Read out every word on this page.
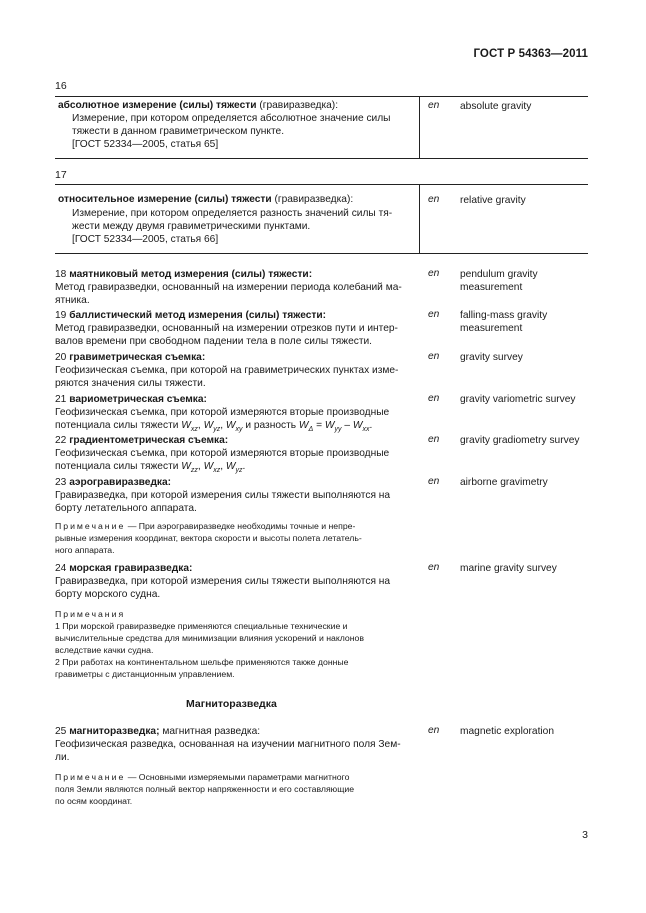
ГОСТ Р 54363—2011
16
абсолютное измерение (силы) тяжести (гравиразведка):
Измерение, при котором определяется абсолютное значение силы
тяжести в данном гравиметрическом пункте.
[ГОСТ 52334—2005, статья 65]
en absolute gravity
17
относительное измерение (силы) тяжести (гравиразведка):
Измерение, при котором определяется разность значений силы тя-
жести между двумя гравиметрическими пунктами.
[ГОСТ 52334—2005, статья 66]
en relative gravity
18 маятниковый метод измерения (силы) тяжести:
Метод гравиразведки, основанный на измерении периода колебаний ма-
ятника.
en pendulum gravity
measurement
19 баллистический метод измерения (силы) тяжести:
Метод гравиразведки, основанный на измерении отрезков пути и интер-
валов времени при свободном падении тела в поле силы тяжести.
en falling-mass gravity
measurement
20 гравиметрическая съемка:
Геофизическая съемка, при которой на гравиметрических пунктах изме-
ряются значения силы тяжести.
en gravity survey
21 вариометрическая съемка:
Геофизическая съемка, при которой измеряются вторые производные
потенциала силы тяжести $W_{xz}$, $W_{yz}$, $W_{xy}$ и разность $W_\Delta = W_{yy} - W_{xx}$.
en gravity variometric survey
22 градиентометрическая съемка:
Геофизическая съемка, при которой измеряются вторые производные
потенциала силы тяжести $W_{zz}$, $W_{xz}$, $W_{yz}$.
en gravity gradiometry survey
23 аэрогравиразведка:
Гравиразведка, при которой измерения силы тяжести выполняются на
борту летательного аппарата.
en airborne gravimetry
Примечание — При аэрогравиразведке необходимы точные и непре-
рывные измерения координат, вектора скорости и высоты полета летатель-
ного аппарата.
24 морская гравиразведка:
Гравиразведка, при которой измерения силы тяжести выполняются на
борту морского судна.
en marine gravity survey
Примечания
1 При морской гравиразведке применяются специальные технические и
вычислительные средства для минимизации влияния ускорений и наклонов
вследствие качки судна.
2 При работах на континентальном шельфе применяются также донные
гравиметры с дистанционным управлением.
Магниторазведка
25 магниторазведка; магнитная разведка:
Геофизическая разведка, основанная на изучении магнитного поля Зем-
ли.
en magnetic exploration
Примечание — Основными измеряемыми параметрами магнитного
поля Земли являются полный вектор напряженности и его составляющие
по осям координат.
3
